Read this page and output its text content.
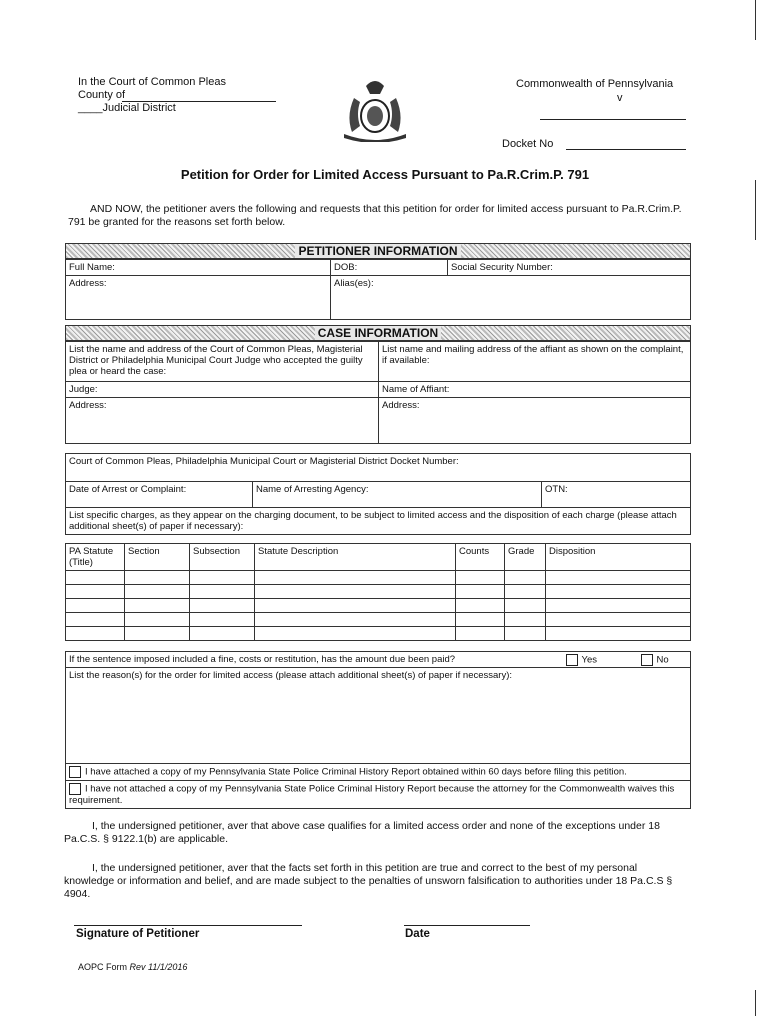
In the Court of Common Pleas
County of
____Judicial District
Commonwealth of Pennsylvania
v
Docket No
Petition for Order for Limited Access Pursuant to Pa.R.Crim.P. 791
AND NOW, the petitioner avers the following and requests that this petition for order for limited access pursuant to Pa.R.Crim.P. 791 be granted for the reasons set forth below.
PETITIONER INFORMATION
Full Name:	DOB:	Social Security Number:
Address:	Alias(es):	
CASE INFORMATION
List the name and address of the Court of Common Pleas, Magisterial District or Philadelphia Municipal Court Judge who accepted the guilty plea or heard the case:	List name and mailing address of the affiant as shown on the complaint, if available:
Judge:	Name of Affiant:
Address:	Address:
Court of Common Pleas, Philadelphia Municipal Court or Magisterial District Docket Number:
Date of Arrest or Complaint:	Name of Arresting Agency:	OTN:
List specific charges, as they appear on the charging document, to be subject to limited access and the disposition of each charge (please attach additional sheet(s) of paper if necessary):
PA Statute (Title)	Section	Subsection	Statute Description	Counts	Grade	Disposition

If the sentence imposed included a fine, costs or restitution, has the amount due been paid?	Yes	No

List the reason(s) for the order for limited access (please attach additional sheet(s) of paper if necessary):
I have attached a copy of my Pennsylvania State Police Criminal History Report obtained within 60 days before filing this petition.
I have not attached a copy of my Pennsylvania State Police Criminal History Report because the attorney for the Commonwealth waives this requirement.
I, the undersigned petitioner, aver that above case qualifies for a limited access order and none of the exceptions under 18 Pa.C.S. § 9122.1(b) are applicable.
I, the undersigned petitioner, aver that the facts set forth in this petition are true and correct to the best of my personal knowledge or information and belief, and are made subject to the penalties of unsworn falsification to authorities under 18 Pa.C.S § 4904.
Signature of Petitioner	Date
AOPC Form Rev 11/1/2016
